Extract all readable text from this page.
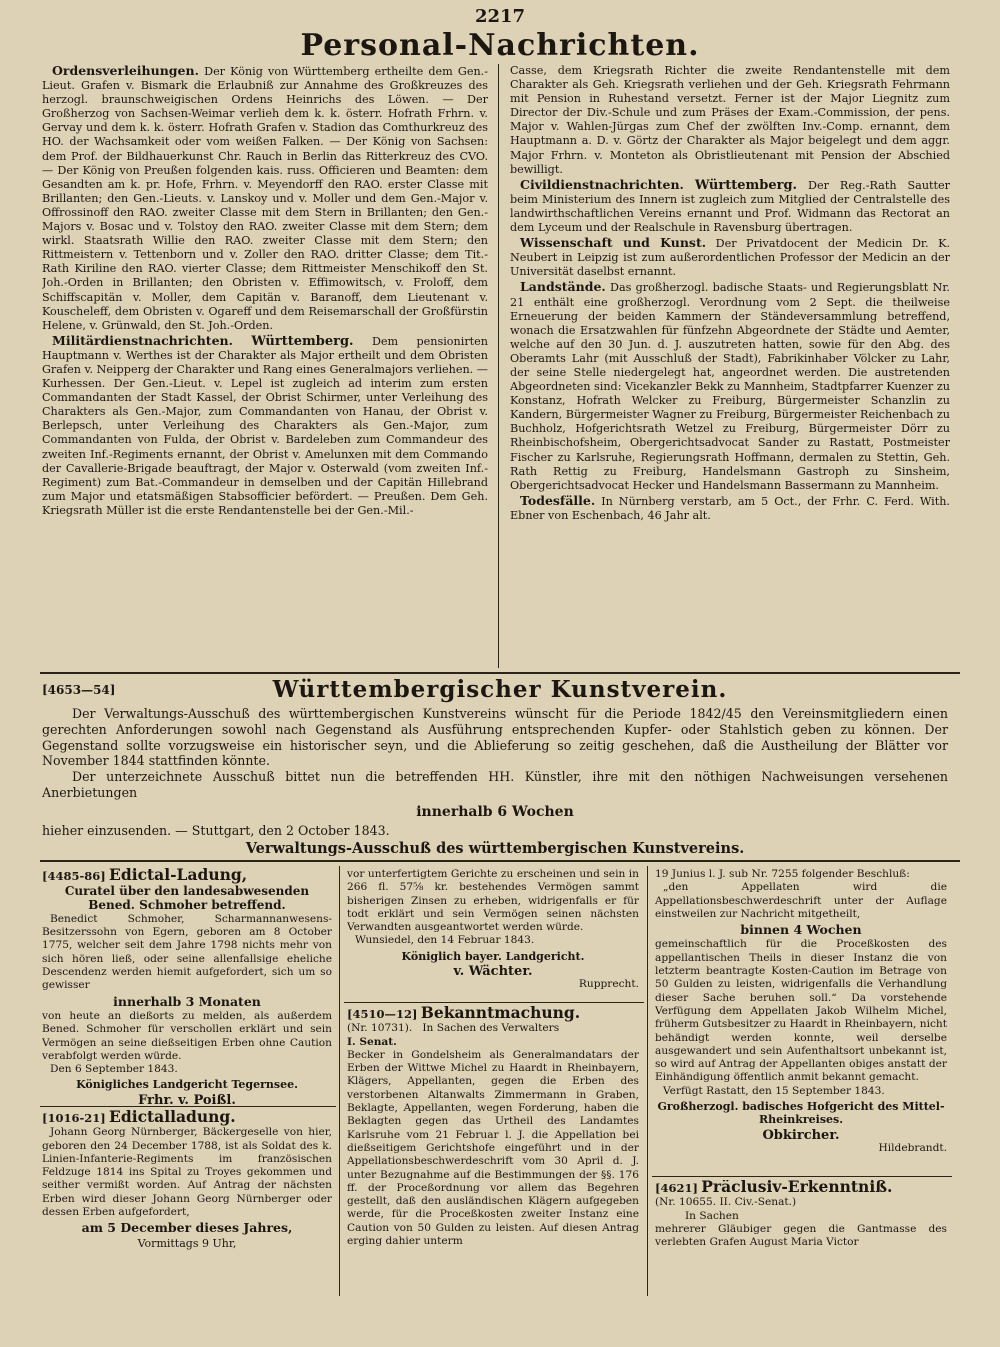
2217
Personal-Nachrichten.

Ordensverleihungen. Der König von Württemberg ertheilte dem Gen.-Lieut. Grafen v. Bismark die Erlaubniß zur Annahme des Großkreuzes des herzogl. braunschweigischen Ordens Heinrichs des Löwen. — Der Großherzog von Sachsen-Weimar verlieh dem k. k. österr. Hofrath Frhrn. v. Gervay und dem k. k. österr. Hofrath Grafen v. Stadion das Comthurkreuz des HO. der Wachsamkeit oder vom weißen Falken. — Der König von Sachsen: dem Prof. der Bildhauerkunst Chr. Rauch in Berlin das Ritterkreuz des CVO. — Der König von Preußen folgenden kais. russ. Officieren und Beamten: dem Gesandten am k. pr. Hofe, Frhrn. v. Meyendorff den RAO. erster Classe mit Brillanten; den Gen.-Lieuts. v. Lanskoy und v. Moller und dem Gen.-Major v. Offrossinoff den RAO. zweiter Classe mit dem Stern in Brillanten; den Gen.-Majors v. Bosac und v. Tolstoy den RAO. zweiter Classe mit dem Stern; dem wirkl. Staatsrath Willie den RAO. zweiter Classe mit dem Stern; den Rittmeistern v. Tettenborn und v. Zoller den RAO. dritter Classe; dem Tit.-Rath Kiriline den RAO. vierter Classe; dem Rittmeister Menschikoff den St. Joh.-Orden in Brillanten; den Obristen v. Effimowitsch, v. Froloff, dem Schiffscapitän v. Moller, dem Capitän v. Baranoff, dem Lieutenant v. Kouscheleff, dem Obristen v. Ogareff und dem Reisemarschall der Großfürstin Helene, v. Grünwald, den St. Joh.-Orden.

Militärdienstnachrichten. Württemberg. Dem pensionirten Hauptmann v. Werthes ist der Charakter als Major ertheilt und dem Obristen Grafen v. Neipperg der Charakter und Rang eines Generalmajors verliehen. — Kurhessen. Der Gen.-Lieut. v. Lepel ist zugleich ad interim zum ersten Commandanten der Stadt Kassel, der Obrist Schirmer, unter Verleihung des Charakters als Gen.-Major, zum Commandanten von Hanau, der Obrist v. Berlepsch, unter Verleihung des Charakters als Gen.-Major, zum Commandanten von Fulda, der Obrist v. Bardeleben zum Commandeur des zweiten Inf.-Regiments ernannt, der Obrist v. Amelunxen mit dem Commando der Cavallerie-Brigade beauftragt, der Major v. Osterwald (vom zweiten Inf.-Regiment) zum Bat.-Commandeur in demselben und der Capitän Hillebrand zum Major und etatsmäßigen Stabsofficier befördert. — Preußen. Dem Geh. Kriegsrath Müller ist die erste Rendantenstelle bei der Gen.-Mil.-

Casse, dem Kriegsrath Richter die zweite Rendantenstelle mit dem Charakter als Geh. Kriegsrath verliehen und der Geh. Kriegsrath Fehrmann mit Pension in Ruhestand versetzt. Ferner ist der Major Liegnitz zum Director der Div.-Schule und zum Präses der Exam.-Commission, der pens. Major v. Wahlen-Jürgas zum Chef der zwölften Inv.-Comp. ernannt, dem Hauptmann a. D. v. Görtz der Charakter als Major beigelegt und dem aggr. Major Frhrn. v. Monteton als Obristlieutenant mit Pension der Abschied bewilligt.

Civildienstnachrichten. Württemberg. Der Reg.-Rath Sautter beim Ministerium des Innern ist zugleich zum Mitglied der Centralstelle des landwirthschaftlichen Vereins ernannt und Prof. Widmann das Rectorat an dem Lyceum und der Realschule in Ravensburg übertragen.

Wissenschaft und Kunst. Der Privatdocent der Medicin Dr. K. Neubert in Leipzig ist zum außerordentlichen Professor der Medicin an der Universität daselbst ernannt.

Landstände. Das großherzogl. badische Staats- und Regierungsblatt Nr. 21 enthält eine großherzogl. Verordnung vom 2 Sept. die theilweise Erneuerung der beiden Kammern der Ständeversammlung betreffend, wonach die Ersatzwahlen für fünfzehn Abgeordnete der Städte und Aemter, welche auf den 30 Jun. d. J. auszutreten hatten, sowie für den Abg. des Oberamts Lahr (mit Ausschluß der Stadt), Fabrikinhaber Völcker zu Lahr, der seine Stelle niedergelegt hat, angeordnet werden. Die austretenden Abgeordneten sind: Vicekanzler Bekk zu Mannheim, Stadtpfarrer Kuenzer zu Konstanz, Hofrath Welcker zu Freiburg, Bürgermeister Schanzlin zu Kandern, Bürgermeister Wagner zu Freiburg, Bürgermeister Reichenbach zu Buchholz, Hofgerichtsrath Wetzel zu Freiburg, Bürgermeister Dörr zu Rheinbischofsheim, Obergerichtsadvocat Sander zu Rastatt, Postmeister Fischer zu Karlsruhe, Regierungsrath Hoffmann, dermalen zu Stettin, Geh. Rath Rettig zu Freiburg, Handelsmann Gastroph zu Sinsheim, Obergerichtsadvocat Hecker und Handelsmann Bassermann zu Mannheim.

Todesfälle. In Nürnberg verstarb, am 5 Oct., der Frhr. C. Ferd. With. Ebner von Eschenbach, 46 Jahr alt.

[4653—54]	Württembergischer Kunstverein.

Der Verwaltungs-Ausschuß des württembergischen Kunstvereins wünscht für die Periode 1842/45 den Vereinsmitgliedern einen gerechten Anforderungen sowohl nach Gegenstand als Ausführung entsprechenden Kupfer- oder Stahlstich geben zu können. Der Gegenstand sollte vorzugsweise ein historischer seyn, und die Ablieferung so zeitig geschehen, daß die Austheilung der Blätter vor November 1844 stattfinden könnte.

Der unterzeichnete Ausschuß bittet nun die betreffenden HH. Künstler, ihre mit den nöthigen Nachweisungen versehenen Anerbietungen

innerhalb 6 Wochen

hieher einzusenden. — Stuttgart, den 2 October 1843.

Verwaltungs-Ausschuß des württembergischen Kunstvereins.
[4485-86] Edictal-Ladung,
Curatel über den landesabwesenden Bened. Schmoher betreffend.

Benedict Schmoher, Scharmannanwesens-Besitzerssohn von Egern, geboren am 8 October 1775, welcher seit dem Jahre 1798 nichts mehr von sich hören ließ, oder seine allenfallsige eheliche Descendenz werden hiemit aufgefordert, sich um so gewisser

innerhalb 3 Monaten

von heute an dießorts zu melden, als außerdem Bened. Schmoher für verschollen erklärt und sein Vermögen an seine dießseitigen Erben ohne Caution verabfolgt werden würde.

Den 6 September 1843.

Königliches Landgericht Tegernsee.
Frhr. v. Poißl.
[1016-21] Edictalladung.

Johann Georg Nürnberger, Bäckergeselle von hier, geboren den 24 December 1788, ist als Soldat des k. Linien-Infanterie-Regiments im französischen Feldzuge 1814 ins Spital zu Troyes gekommen und seither vermißt worden. Auf Antrag der nächsten Erben wird dieser Johann Georg Nürnberger oder dessen Erben aufgefordert,

am 5 December dieses Jahres,
Vormittags 9 Uhr,

vor unterfertigtem Gerichte zu erscheinen und sein in 266 fl. 57⅝ kr. bestehendes Vermögen sammt bisherigen Zinsen zu erheben, widrigenfalls er für todt erklärt und sein Vermögen seinen nächsten Verwandten ausgeantwortet werden würde.

Wunsiedel, den 14 Februar 1843.

Königlich bayer. Landgericht.
v. Wächter.
Rupprecht.
[4510—12] Bekanntmachung.
(Nr. 10731). In Sachen des Verwalters
I. Senat.

Becker in Gondelsheim als Generalmandatars der Erben der Wittwe Michel zu Haardt in Rheinbayern, Klägers, Appellanten, gegen die Erben des verstorbenen Altanwalts Zimmermann in Graben, Beklagte, Appellanten, wegen Forderung, haben die Beklagten gegen das Urtheil des Landamtes Karlsruhe vom 21 Februar l. J. die Appellation bei dießseitigem Gerichtshofe eingeführt und in der Appellationsbeschwerdeschrift vom 30 April d. J. unter Bezugnahme auf die Bestimmungen der §§. 176 ff. der Proceßordnung vor allem das Begehren gestellt, daß den ausländischen Klägern aufgegeben werde, für die Proceßkosten zweiter Instanz eine Caution von 50 Gulden zu leisten. Auf diesen Antrag erging dahier unterm

19 Junius l. J. sub Nr. 7255 folgender Beschluß:

„den Appellaten wird die Appellationsbeschwerdeschrift unter der Auflage einstweilen zur Nachricht mitgetheilt,

binnen 4 Wochen

gemeinschaftlich für die Proceßkosten des appellantischen Theils in dieser Instanz die von letzterm beantragte Kosten-Caution im Betrage von 50 Gulden zu leisten, widrigenfalls die Verhandlung dieser Sache beruhen soll.“ Da vorstehende Verfügung dem Appellaten Jakob Wilhelm Michel, früherm Gutsbesitzer zu Haardt in Rheinbayern, nicht behändigt werden konnte, weil derselbe ausgewandert und sein Aufenthaltsort unbekannt ist, so wird auf Antrag der Appellanten obiges anstatt der Einhändigung öffentlich anmit bekannt gemacht.

Verfügt Rastatt, den 15 September 1843.

Großherzogl. badisches Hofgericht des Mittel-Rheinkreises.
Obkircher.
Hildebrandt.
[4621] Präclusiv-Erkenntniß.
(Nr. 10655. II. Civ.-Senat.)
In Sachen

mehrerer Gläubiger gegen die Gantmasse des verlebten Grafen August Maria Victor
